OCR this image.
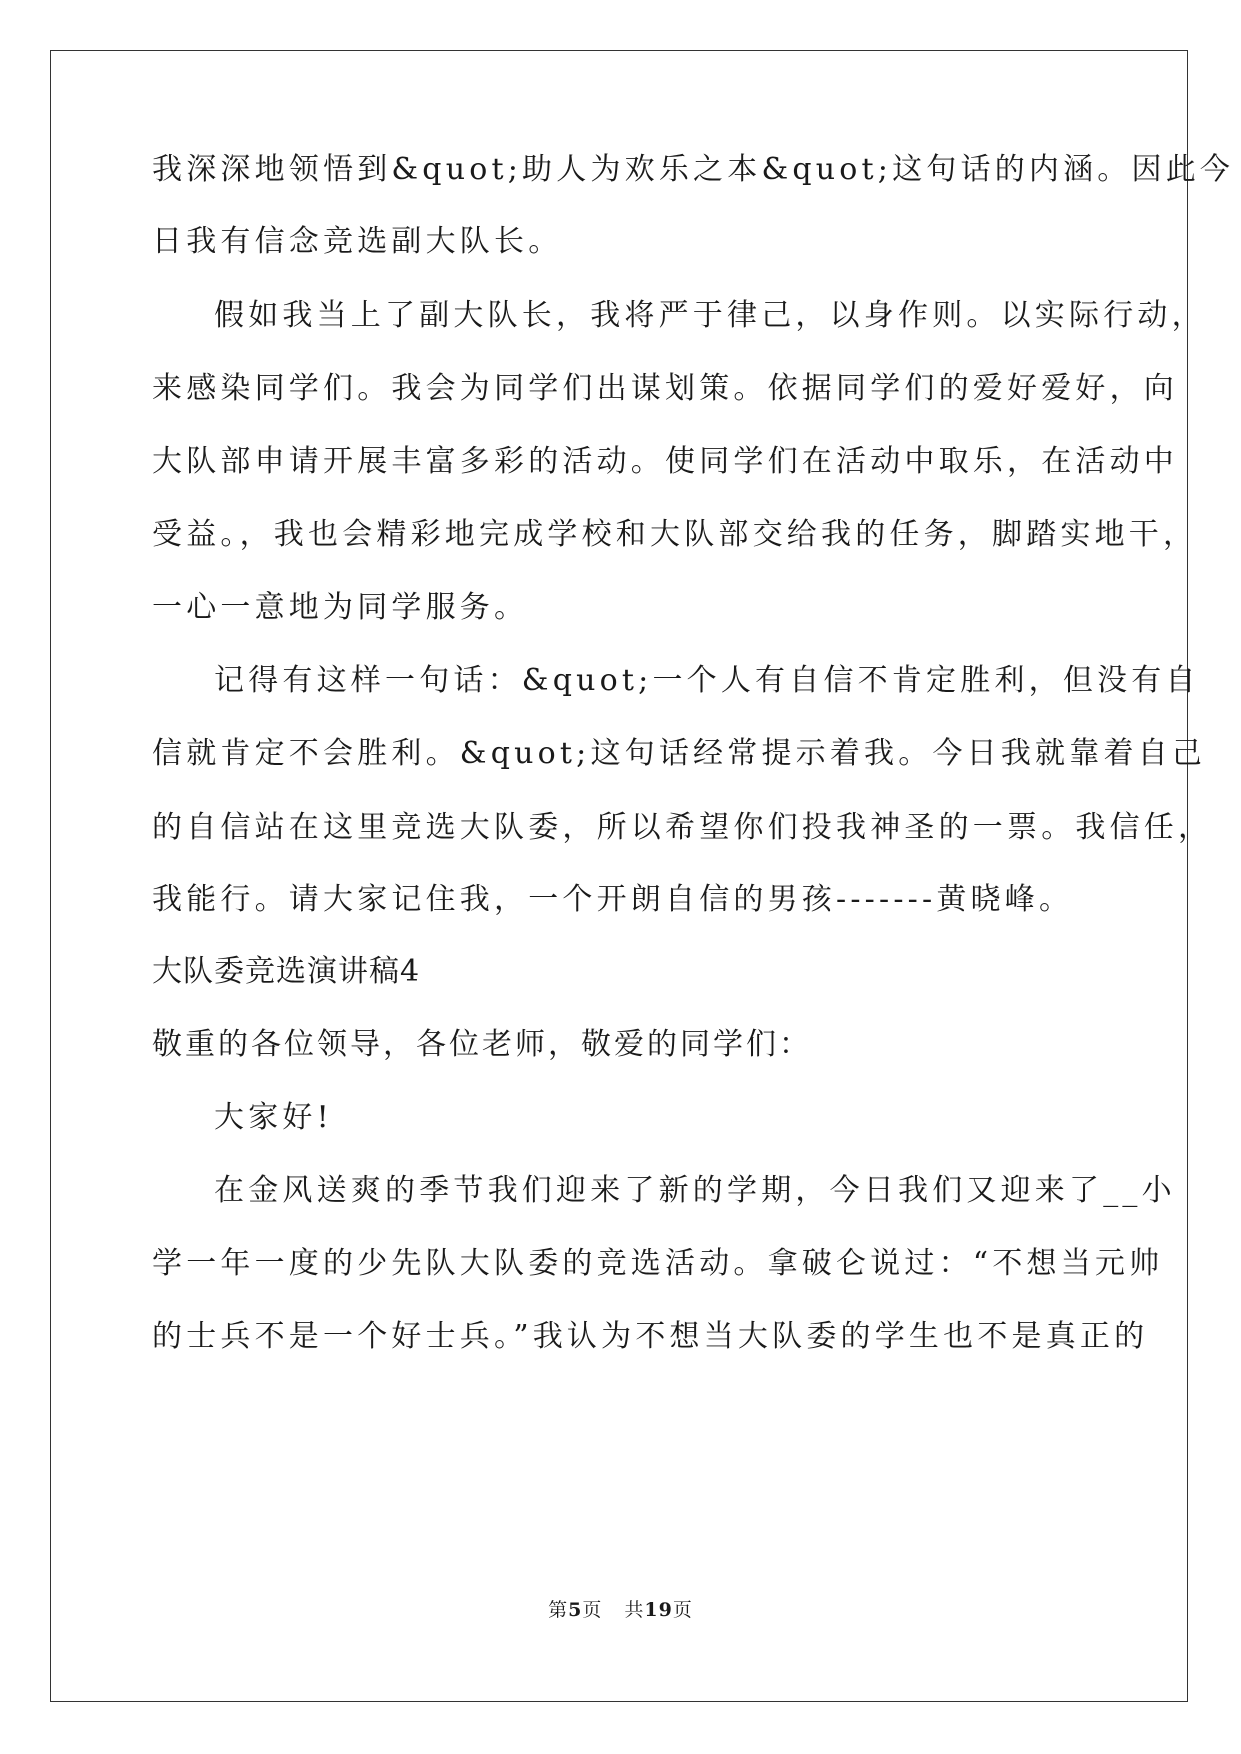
我深深地领悟到&quot;助人为欢乐之本&quot;这句话的内涵。因此今
日我有信念竞选副大队长。
假如我当上了副大队长，我将严于律己，以身作则。以实际行动，
来感染同学们。我会为同学们出谋划策。依据同学们的爱好爱好，向
大队部申请开展丰富多彩的活动。使同学们在活动中取乐，在活动中
受益。，我也会精彩地完成学校和大队部交给我的任务，脚踏实地干，
一心一意地为同学服务。
记得有这样一句话：&quot;一个人有自信不肯定胜利，但没有自
信就肯定不会胜利。&quot;这句话经常提示着我。今日我就靠着自己
的自信站在这里竞选大队委，所以希望你们投我神圣的一票。我信任，
我能行。请大家记住我，一个开朗自信的男孩-------黄晓峰。
大队委竞选演讲稿4
敬重的各位领导，各位老师，敬爱的同学们：
大家好!
在金风送爽的季节我们迎来了新的学期，今日我们又迎来了__小
学一年一度的少先队大队委的竞选活动。拿破仑说过：“不想当元帅
的士兵不是一个好士兵。”我认为不想当大队委的学生也不是真正的
第5页 共19页
